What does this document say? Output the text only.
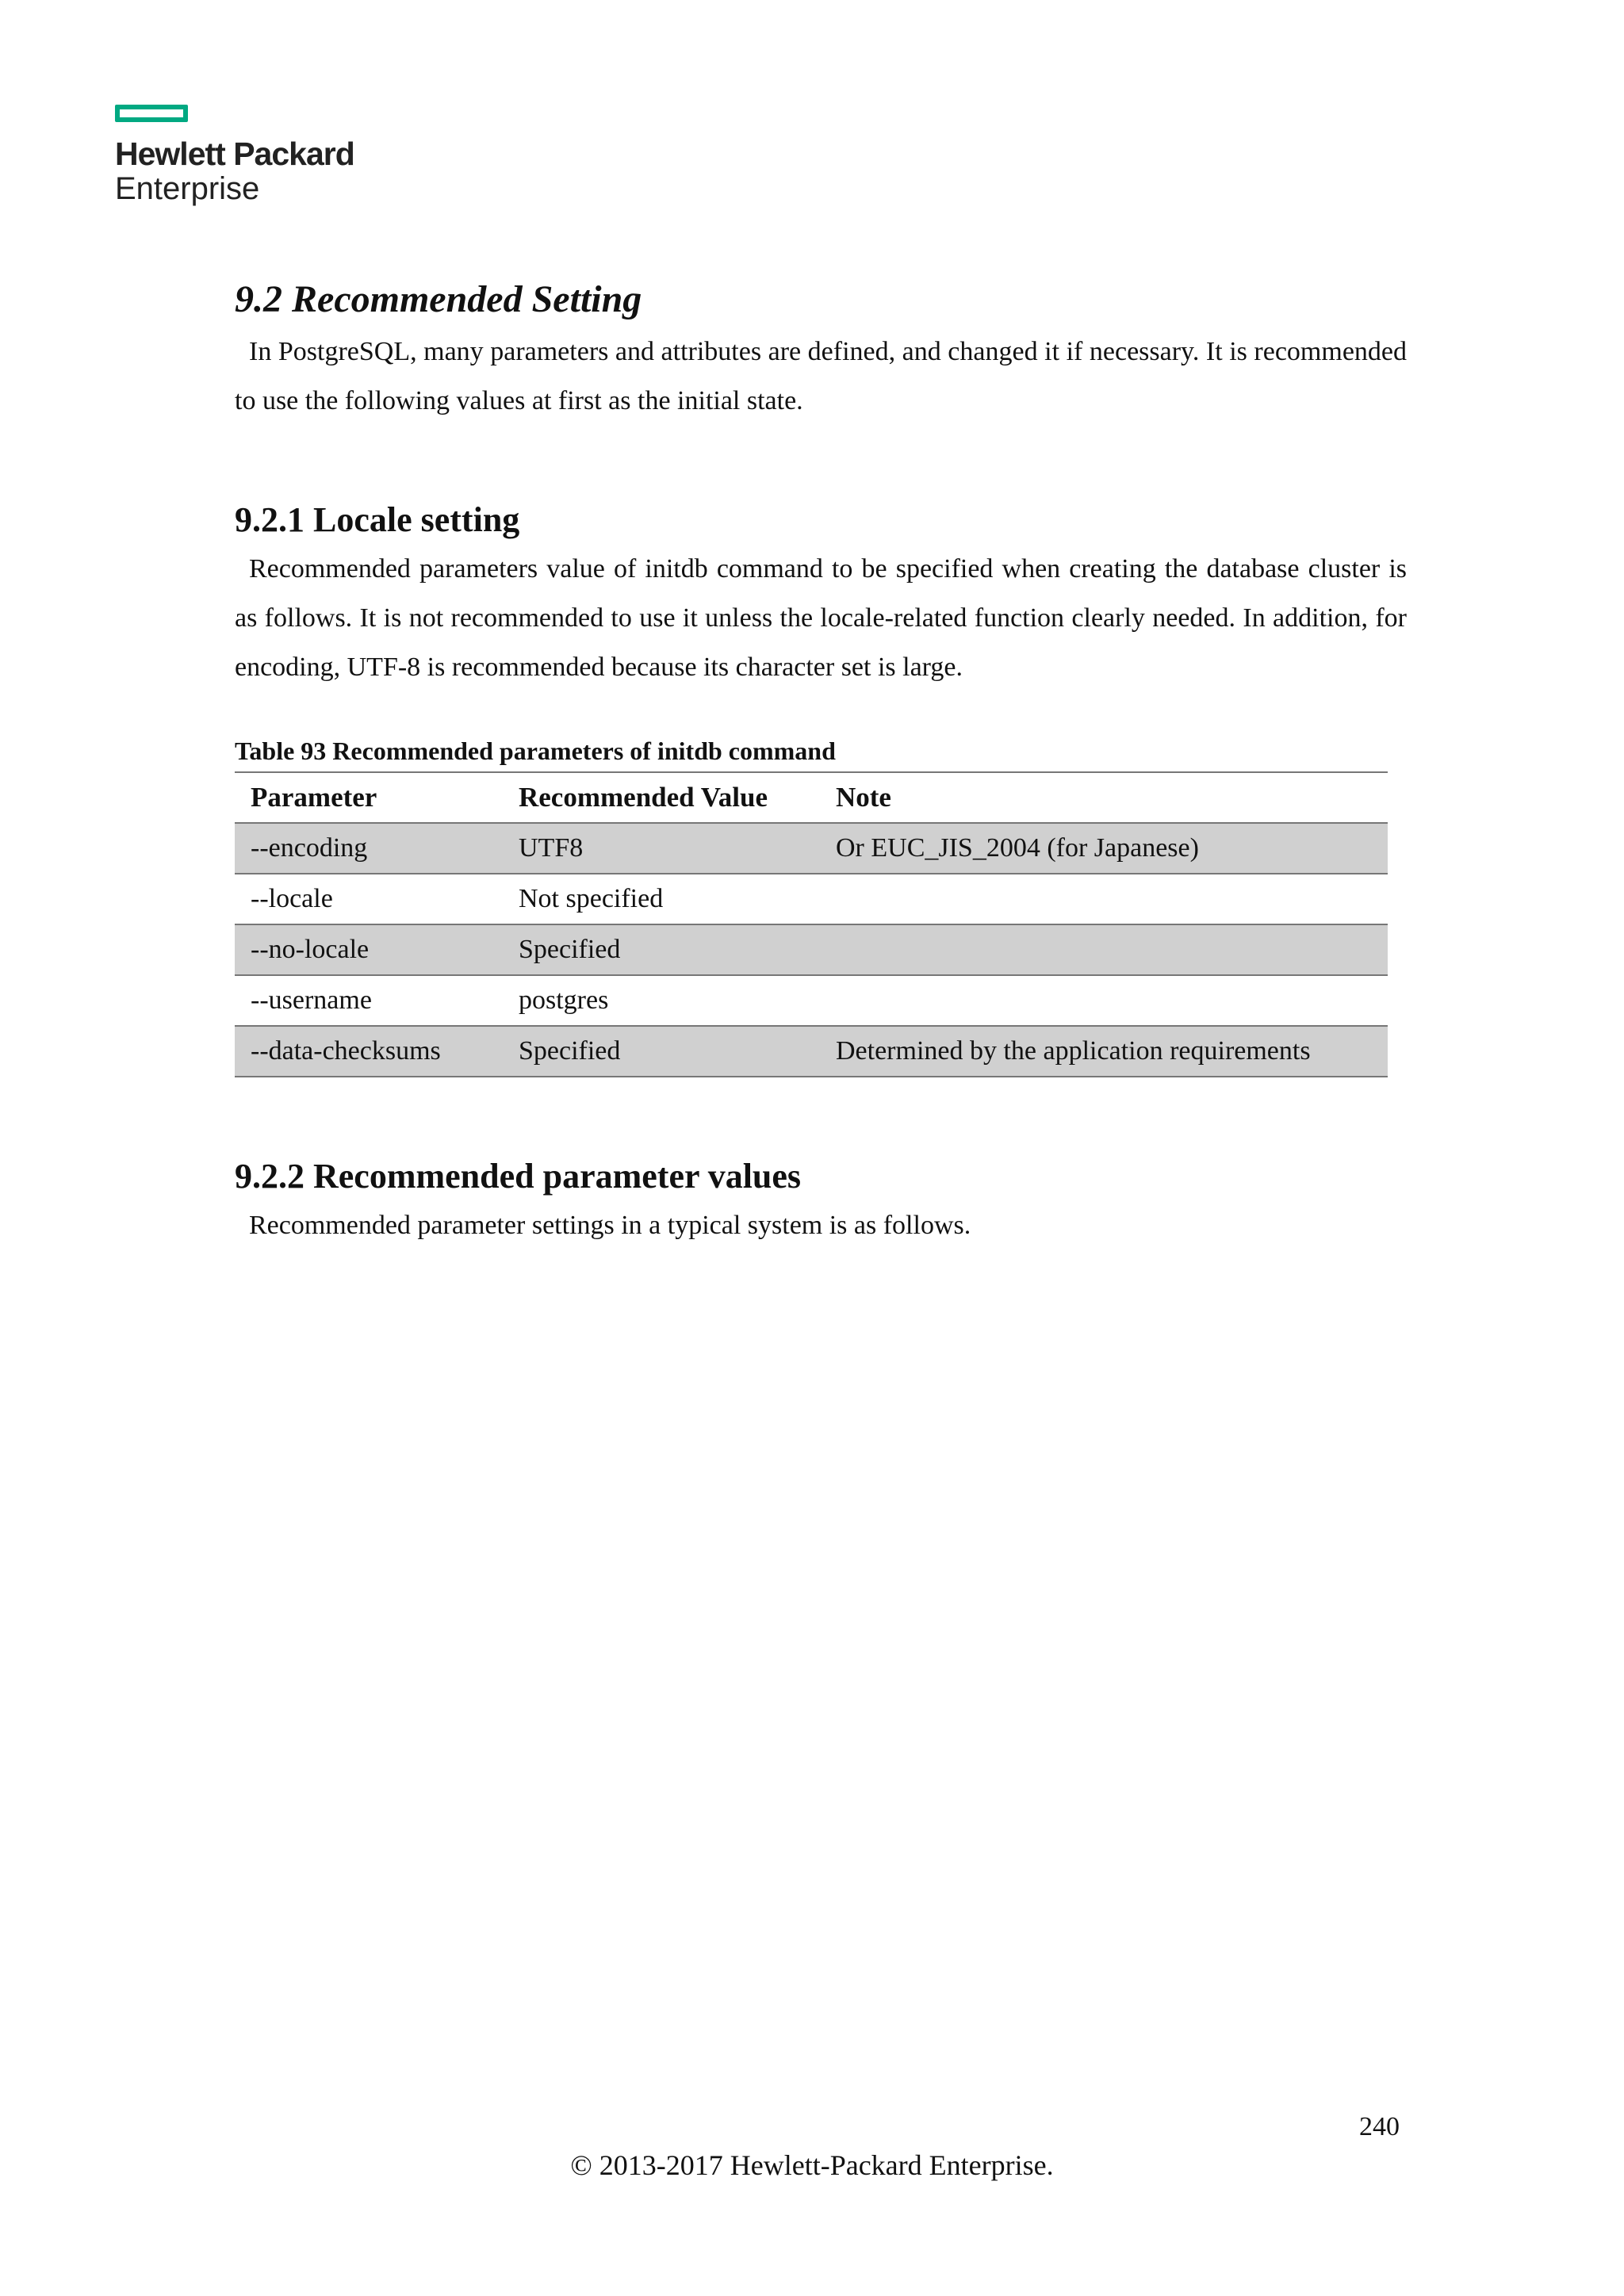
Hewlett Packard
Enterprise
9.2 Recommended Setting

In PostgreSQL, many parameters and attributes are defined, and changed it if necessary. It is recommended to use the following values at first as the initial state.

9.2.1 Locale setting

Recommended parameters value of initdb command to be specified when creating the database cluster is as follows. It is not recommended to use it unless the locale-related function clearly needed. In addition, for encoding, UTF-8 is recommended because its character set is large.

Table 93 Recommended parameters of initdb command

Parameter	Recommended Value	Note
--encoding	UTF8	Or EUC_JIS_2004 (for Japanese)
--locale	Not specified	
--no-locale	Specified	
--username	postgres	
--data-checksums	Specified	Determined by the application requirements
9.2.2 Recommended parameter values

Recommended parameter settings in a typical system is as follows.

240
© 2013-2017 Hewlett-Packard Enterprise.
